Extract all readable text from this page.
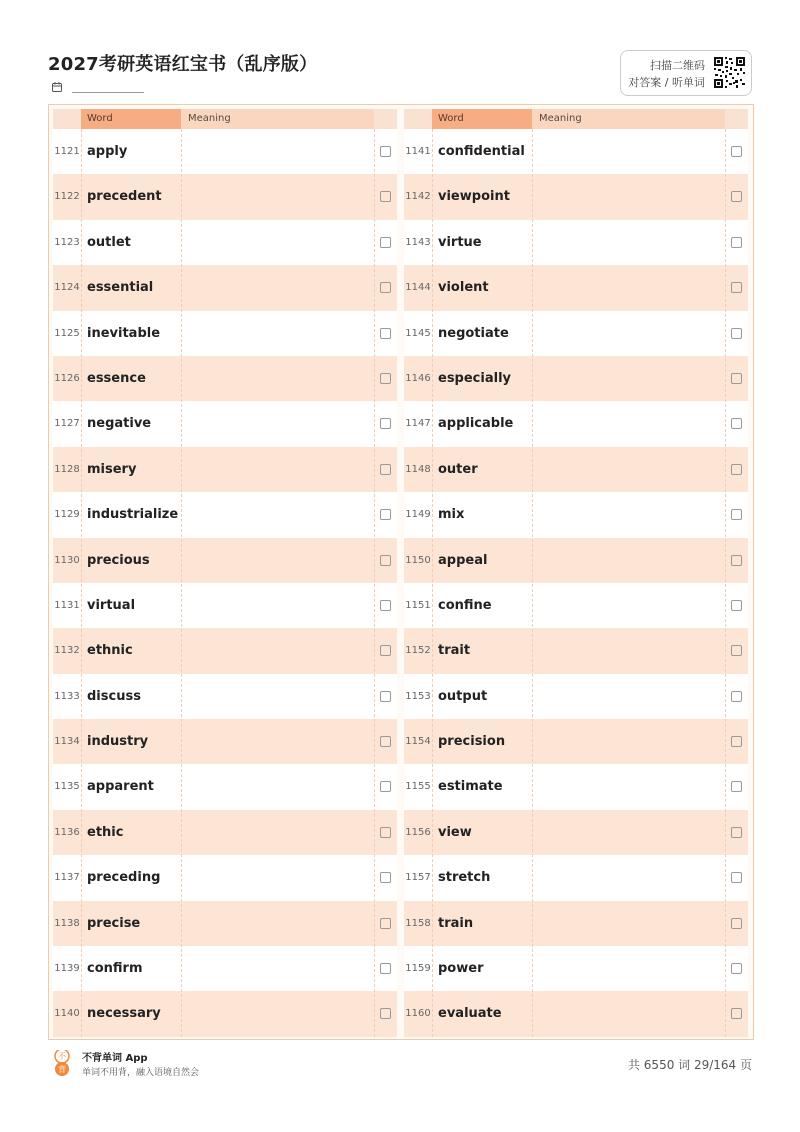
2027考研英语红宝书（乱序版）	扫描二维码
对答案 / 听单词
Word	Meaning
1121 apply
1122 precedent
1123 outlet
1124 essential
1125 inevitable
1126 essence
1127 negative
1128 misery
1129 industrialize
1130 precious
1131 virtual
1132 ethnic
1133 discuss
1134 industry
1135 apparent
1136 ethic
1137 preceding
1138 precise
1139 confirm
1140 necessary
Word	Meaning
1141 confidential
1142 viewpoint
1143 virtue
1144 violent
1145 negotiate
1146 especially
1147 applicable
1148 outer
1149 mix
1150 appeal
1151 confine
1152 trait
1153 output
1154 precision
1155 estimate
1156 view
1157 stretch
1158 train
1159 power
1160 evaluate
不
背
不背单词 App
单词不用背，融入语境自然会
共 6550 词 29/164 页
